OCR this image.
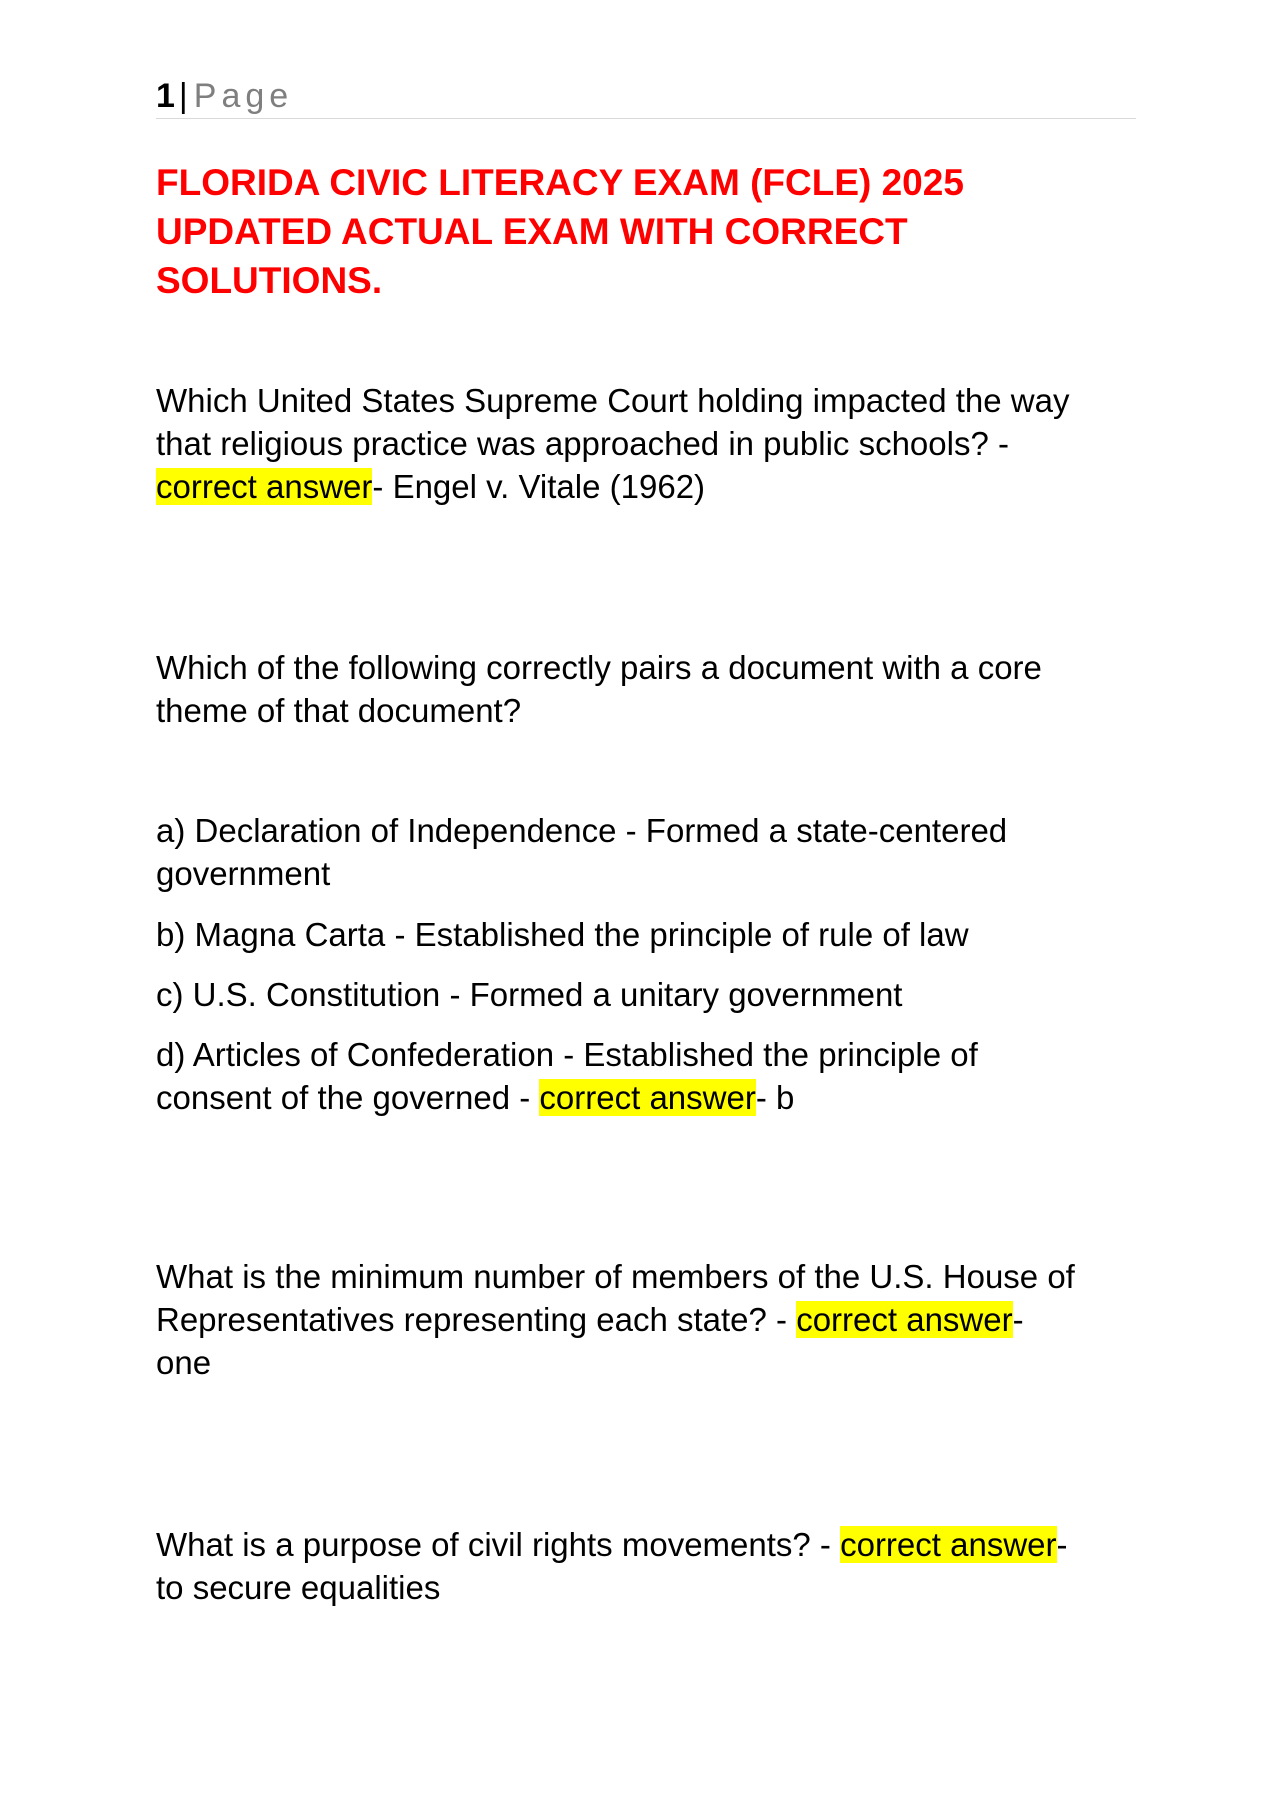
1 | Page
FLORIDA CIVIC LITERACY EXAM (FCLE) 2025
UPDATED ACTUAL EXAM WITH CORRECT
SOLUTIONS.

Which United States Supreme Court holding impacted the way
that religious practice was approached in public schools? -
correct answer- Engel v. Vitale (1962)

Which of the following correctly pairs a document with a core
theme of that document?

a) Declaration of Independence - Formed a state-centered
government

b) Magna Carta - Established the principle of rule of law

c) U.S. Constitution - Formed a unitary government

d) Articles of Confederation - Established the principle of
consent of the governed - correct answer- b

What is the minimum number of members of the U.S. House of
Representatives representing each state? - correct answer-
one

What is a purpose of civil rights movements? - correct answer-
to secure equalities
